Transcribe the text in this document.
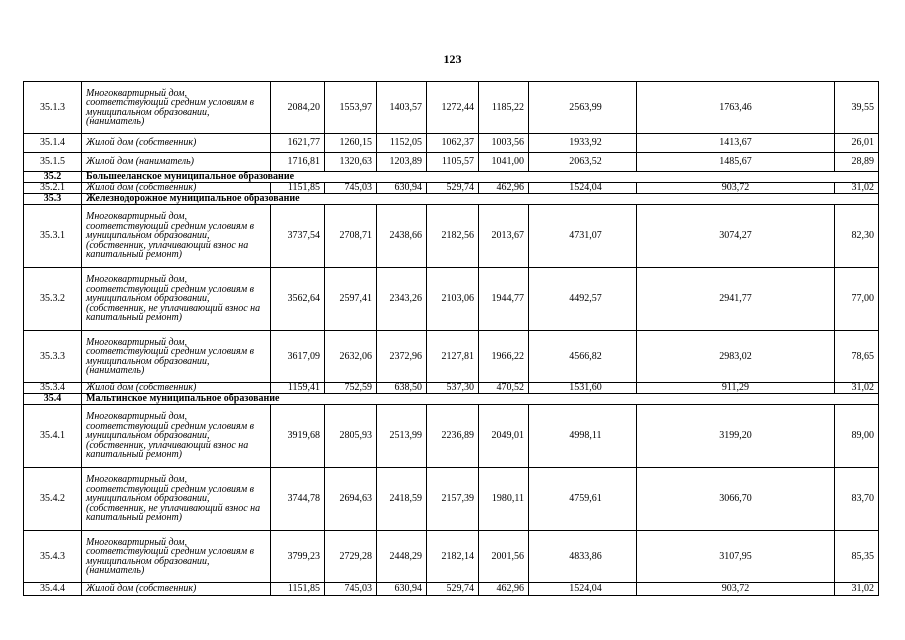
123
35.1.3	Многоквартирный дом, соответствующий средним условиям в муниципальном образовании, (наниматель)	2084,20	1553,97	1403,57	1272,44	1185,22	2563,99	1763,46	39,55
35.1.4	Жилой дом (собственник)	1621,77	1260,15	1152,05	1062,37	1003,56	1933,92	1413,67	26,01
35.1.5	Жилой дом (наниматель)	1716,81	1320,63	1203,89	1105,57	1041,00	2063,52	1485,67	28,89
35.2	Большееланское муниципальное образование								
35.2.1	Жилой дом (собственник)	1151,85	745,03	630,94	529,74	462,96	1524,04	903,72	31,02
35.3	Железнодорожное муниципальное образование								
35.3.1	Многоквартирный дом, соответствующий средним условиям в муниципальном образовании, (собственник, уплачивающий взнос на капитальный ремонт)	3737,54	2708,71	2438,66	2182,56	2013,67	4731,07	3074,27	82,30
35.3.2	Многоквартирный дом, соответствующий средним условиям в муниципальном образовании, (собственник, не уплачивающий взнос на капитальный ремонт)	3562,64	2597,41	2343,26	2103,06	1944,77	4492,57	2941,77	77,00
35.3.3	Многоквартирный дом, соответствующий средним условиям в муниципальном образовании, (наниматель)	3617,09	2632,06	2372,96	2127,81	1966,22	4566,82	2983,02	78,65
35.3.4	Жилой дом (собственник)	1159,41	752,59	638,50	537,30	470,52	1531,60	911,29	31,02
35.4	Мальтинское муниципальное образование								
35.4.1	Многоквартирный дом, соответствующий средним условиям в муниципальном образовании, (собственник, уплачивающий взнос на капитальный ремонт)	3919,68	2805,93	2513,99	2236,89	2049,01	4998,11	3199,20	89,00
35.4.2	Многоквартирный дом, соответствующий средним условиям в муниципальном образовании, (собственник, не уплачивающий взнос на капитальный ремонт)	3744,78	2694,63	2418,59	2157,39	1980,11	4759,61	3066,70	83,70
35.4.3	Многоквартирный дом, соответствующий средним условиям в муниципальном образовании, (наниматель)	3799,23	2729,28	2448,29	2182,14	2001,56	4833,86	3107,95	85,35
35.4.4	Жилой дом (собственник)	1151,85	745,03	630,94	529,74	462,96	1524,04	903,72	31,02
